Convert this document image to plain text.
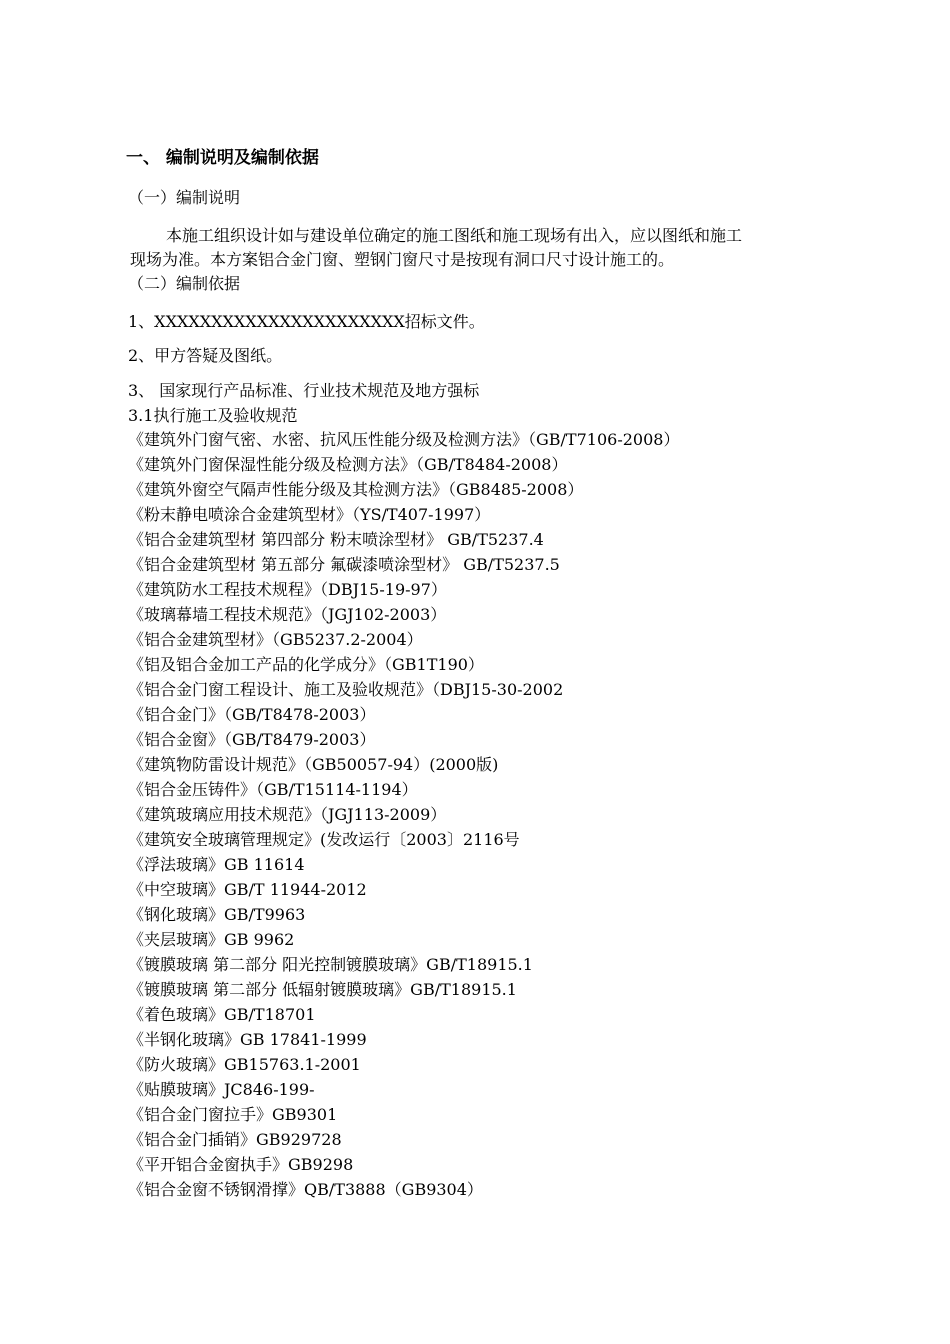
一、 编制说明及编制依据
（一）编制说明
本施工组织设计如与建设单位确定的施工图纸和施工现场有出入，应以图纸和施工
现场为准。本方案铝合金门窗、塑钢门窗尺寸是按现有洞口尺寸设计施工的。
（二）编制依据
1、XXXXXXXXXXXXXXXXXXXXXX招标文件。
2、甲方答疑及图纸。
3、 国家现行产品标准、行业技术规范及地方强标
3.1执行施工及验收规范
《建筑外门窗气密、水密、抗风压性能分级及检测方法》（GB/T7106-2008）
《建筑外门窗保湿性能分级及检测方法》（GB/T8484-2008）
《建筑外窗空气隔声性能分级及其检测方法》（GB8485-2008）
《粉末静电喷涂合金建筑型材》（YS/T407-1997）
《铝合金建筑型材 第四部分 粉末喷涂型材》 GB/T5237.4
《铝合金建筑型材 第五部分 氟碳漆喷涂型材》 GB/T5237.5
《建筑防水工程技术规程》（DBJ15-19-97）
《玻璃幕墙工程技术规范》（JGJ102-2003）
《铝合金建筑型材》（GB5237.2-2004）
《铝及铝合金加工产品的化学成分》（GB1T190）
《铝合金门窗工程设计、施工及验收规范》（DBJ15-30-2002
《铝合金门》（GB/T8478-2003）
《铝合金窗》（GB/T8479-2003）
《建筑物防雷设计规范》（GB50057-94）(2000版)
《铝合金压铸件》（GB/T15114-1194）
《建筑玻璃应用技术规范》（JGJ113-2009）
《建筑安全玻璃管理规定》(发改运行〔2003〕2116号
《浮法玻璃》GB 11614
《中空玻璃》GB/T 11944-2012
《钢化玻璃》GB/T9963
《夹层玻璃》GB 9962
《镀膜玻璃 第二部分 阳光控制镀膜玻璃》GB/T18915.1
《镀膜玻璃 第二部分 低辐射镀膜玻璃》GB/T18915.1
《着色玻璃》GB/T18701
《半钢化玻璃》GB 17841-1999
《防火玻璃》GB15763.1-2001
《贴膜玻璃》JC846-199-
《铝合金门窗拉手》GB9301
《铝合金门插销》GB929728
《平开铝合金窗执手》GB9298
《铝合金窗不锈钢滑撑》QB/T3888（GB9304）
